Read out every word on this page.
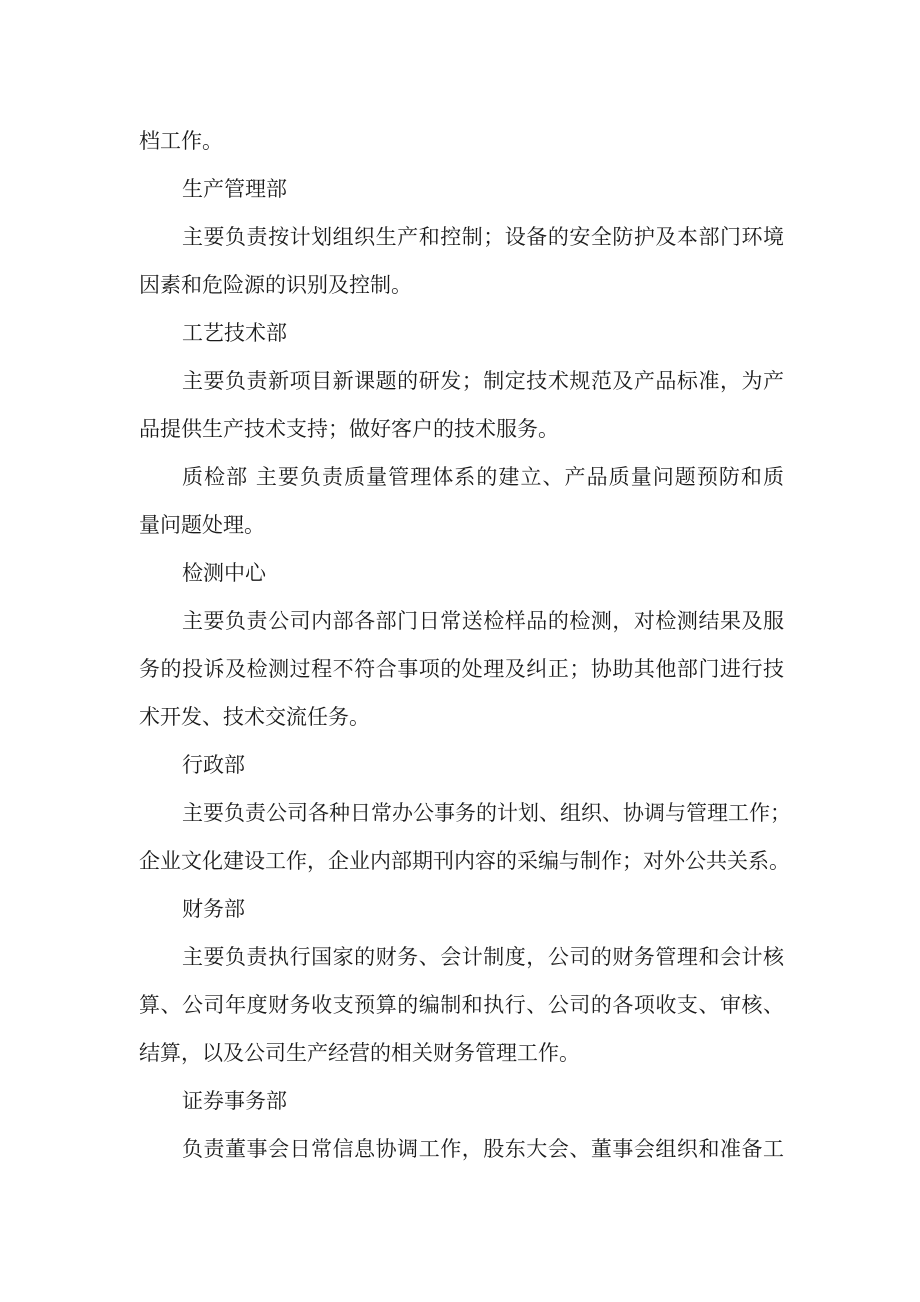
档工作。
生产管理部
主要负责按计划组织生产和控制；设备的安全防护及本部门环境
因素和危险源的识别及控制。
工艺技术部
主要负责新项目新课题的研发；制定技术规范及产品标准，为产
品提供生产技术支持；做好客户的技术服务。
质检部 主要负责质量管理体系的建立、产品质量问题预防和质
量问题处理。
检测中心
主要负责公司内部各部门日常送检样品的检测，对检测结果及服
务的投诉及检测过程不符合事项的处理及纠正；协助其他部门进行技
术开发、技术交流任务。
行政部
主要负责公司各种日常办公事务的计划、组织、协调与管理工作；
企业文化建设工作，企业内部期刊内容的采编与制作；对外公共关系。
财务部
主要负责执行国家的财务、会计制度，公司的财务管理和会计核
算、公司年度财务收支预算的编制和执行、公司的各项收支、审核、
结算，以及公司生产经营的相关财务管理工作。
证券事务部
负责董事会日常信息协调工作，股东大会、董事会组织和准备工
